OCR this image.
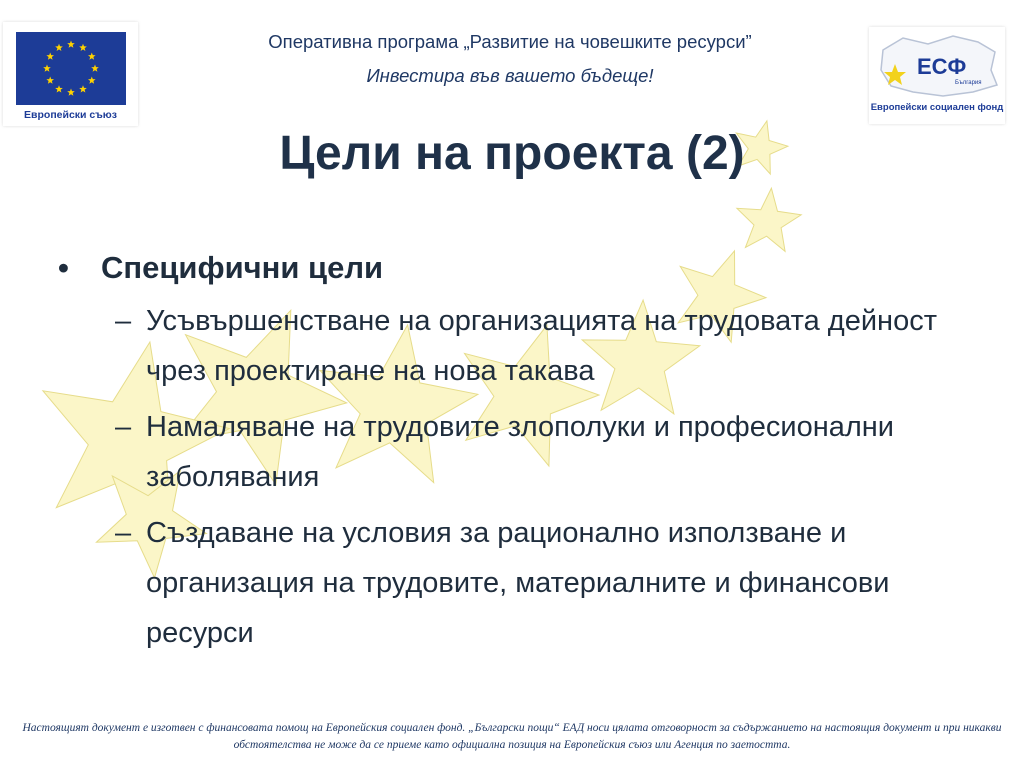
Европейски съюз
ЕСФ
България
Европейски социален фонд
Оперативна програма „Развитие на човешките ресурси”
Инвестира във вашето бъдеще!
Цели на проекта (2)
• Специфични цели
– Усъвършенстване на организацията на трудовата дейност чрез проектиране на нова такава
– Намаляване на трудовите злополуки и професионални заболявания
– Създаване на условия за рационално използване и организация на трудовите, материалните и финансови ресурси
Настоящият документ е изготвен с финансовата помощ на Европейския социален фонд. „Български пощи“ ЕАД носи цялата отговорност за съдържанието на настоящия документ и при никакви обстоятелства не може да се приеме като официална позиция на Европейския съюз или Агенция по заетостта.
